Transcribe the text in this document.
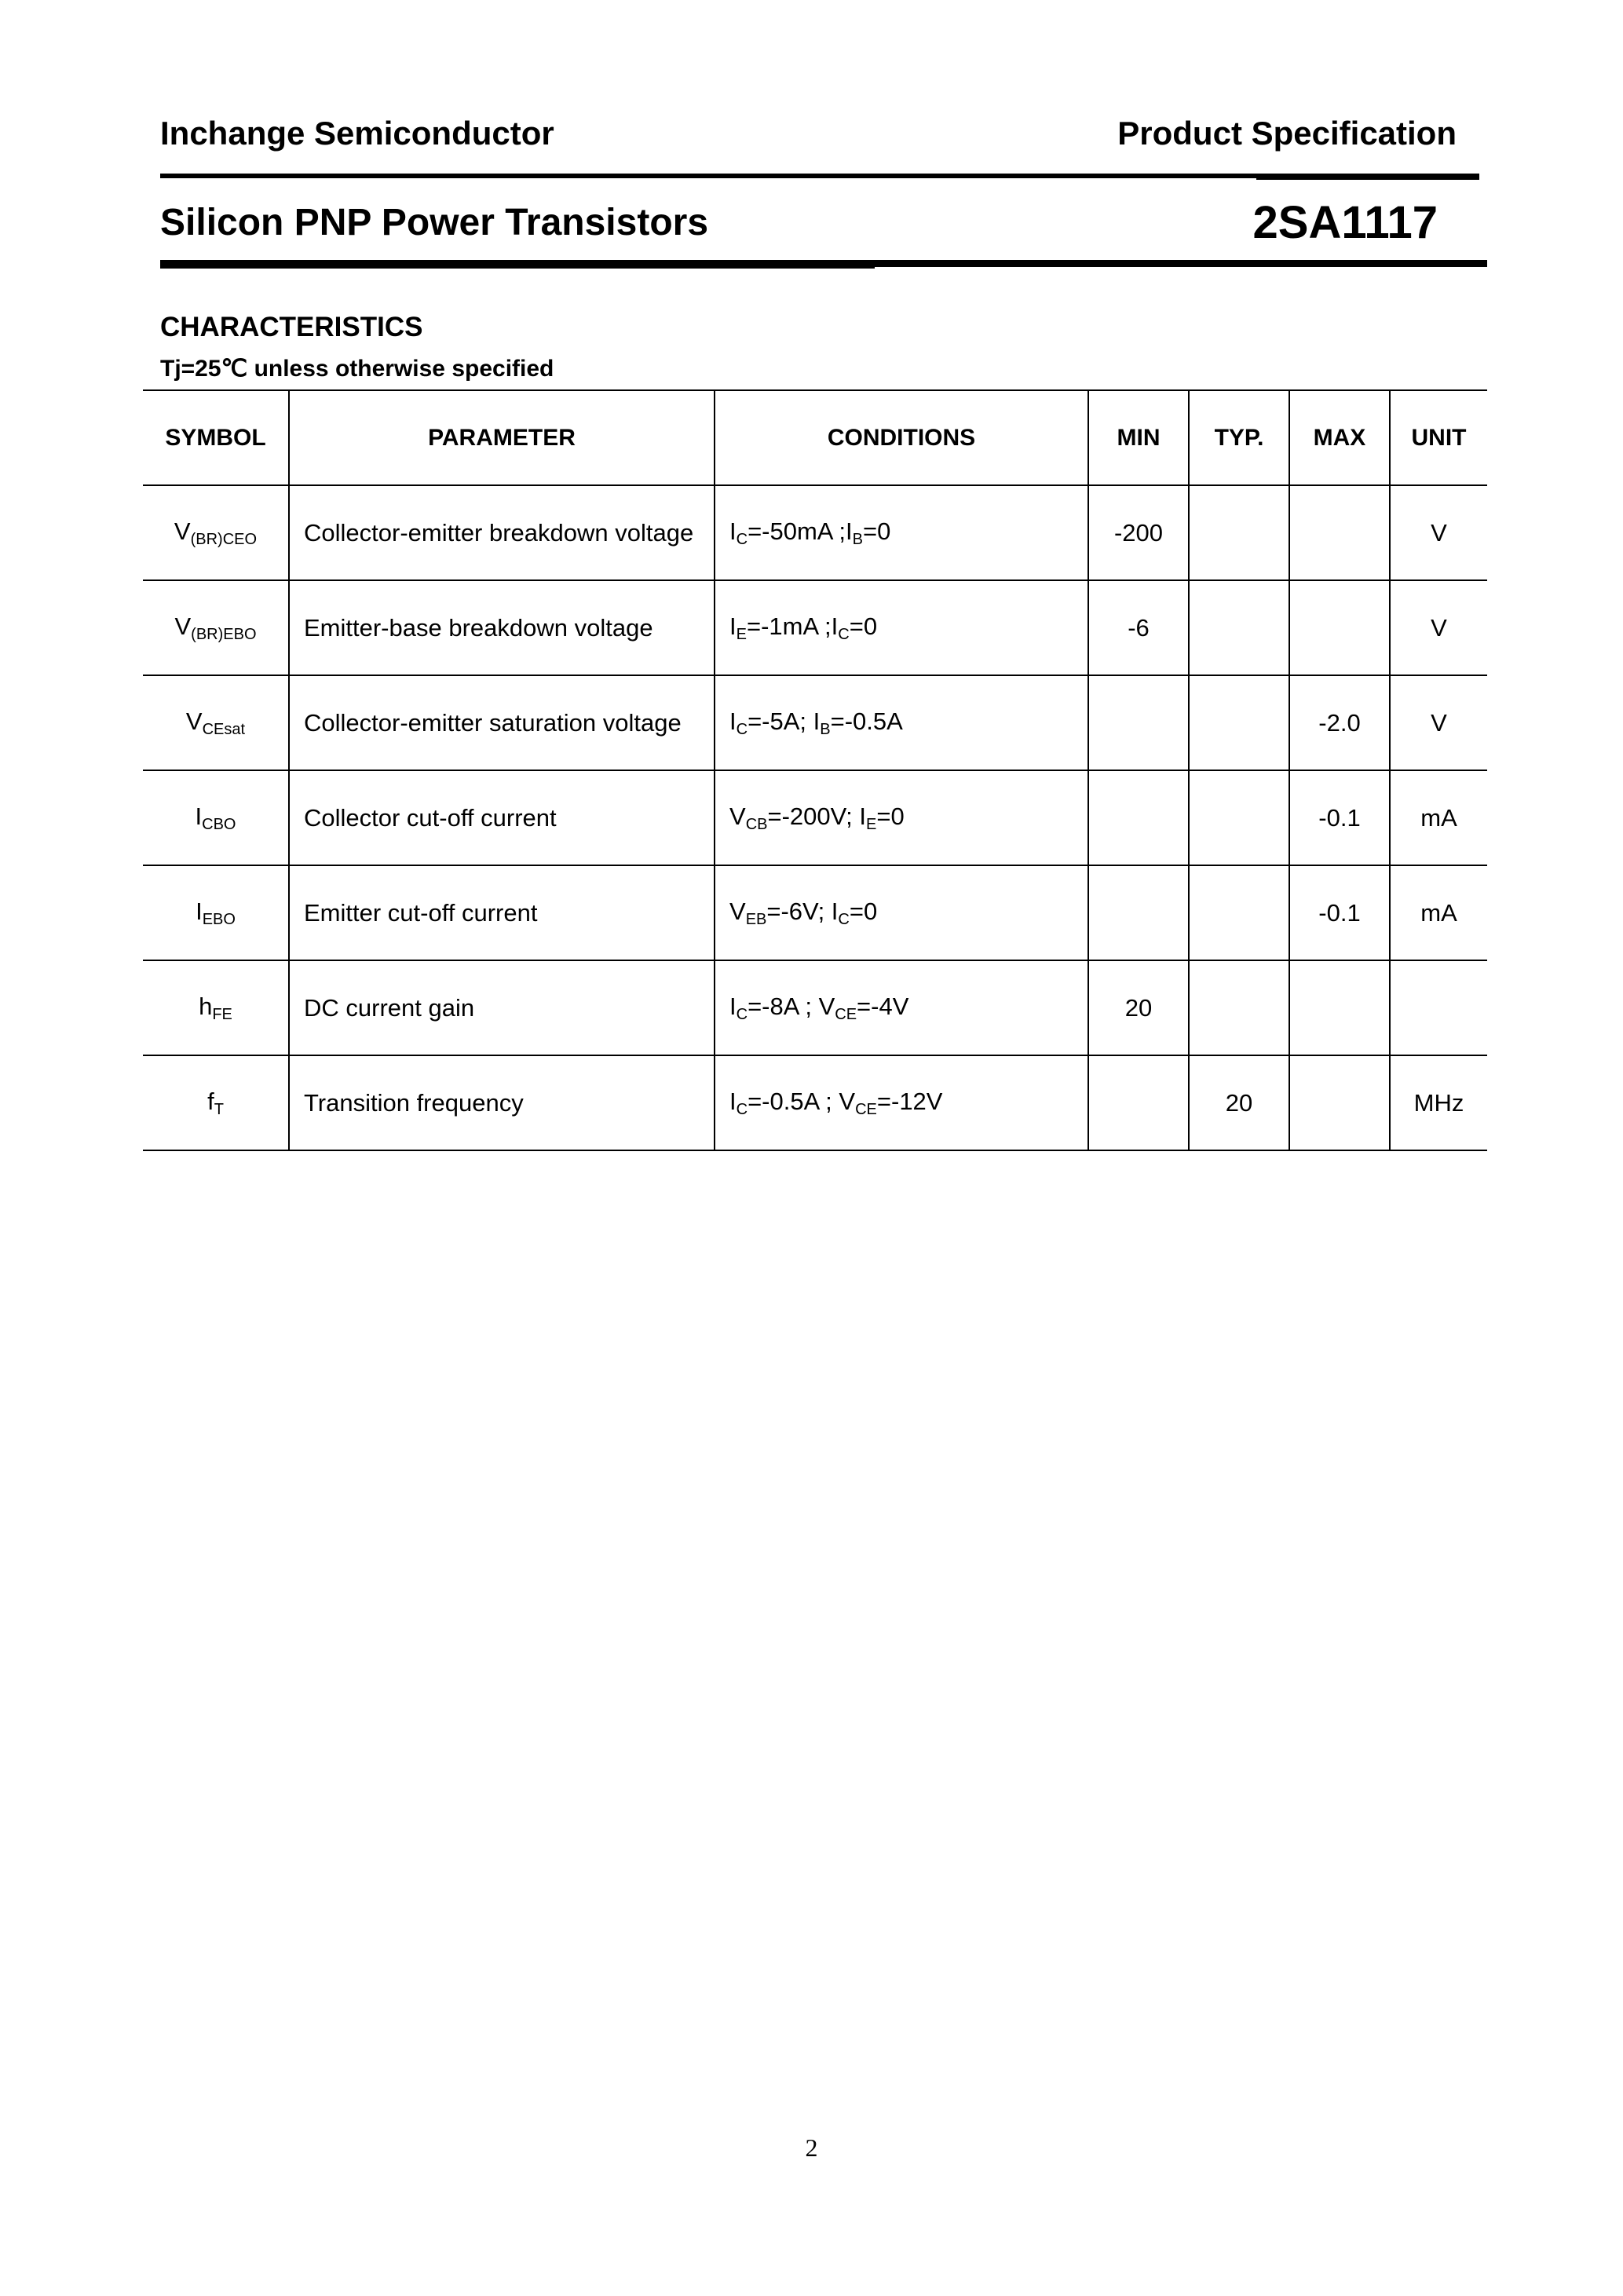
Inchange Semiconductor	Product Specification
Silicon PNP Power Transistors	2SA1117
CHARACTERISTICS
Tj=25℃ unless otherwise specified
SYMBOL	PARAMETER	CONDITIONS	MIN	TYP.	MAX	UNIT
$V_{(BR)CEO}$	Collector-emitter breakdown voltage	$I_C=-50mA$ $;I_B=0$	-200			V
$V_{(BR)EBO}$	Emitter-base breakdown voltage	$I_E=-1mA$ $;I_C=0$	-6			V
$V_{CEsat}$	Collector-emitter saturation voltage	$I_C=-5A$; $I_B=-0.5A$			-2.0	V
$I_{CBO}$	Collector cut-off current	$V_{CB}=-200V$; $I_E=0$			-0.1	mA
$I_{EBO}$	Emitter cut-off current	$V_{EB}=-6V$; $I_C=0$			-0.1	mA
$h_{FE}$	DC current gain	$I_C=-8A$ ; $V_{CE}=-4V$	20			
$f_T$	Transition frequency	$I_C=-0.5A$ ; $V_{CE}=-12V$		20		MHz
2
